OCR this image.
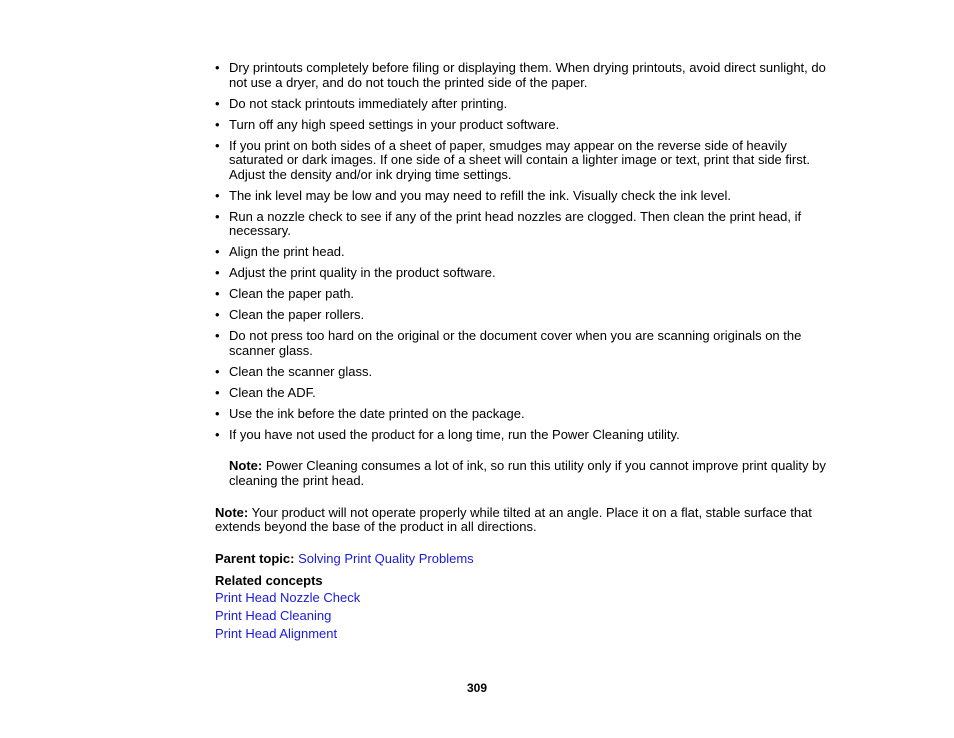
• Dry printouts completely before filing or displaying them. When drying printouts, avoid direct sunlight, do not use a dryer, and do not touch the printed side of the paper.
• Do not stack printouts immediately after printing.
• Turn off any high speed settings in your product software.
• If you print on both sides of a sheet of paper, smudges may appear on the reverse side of heavily saturated or dark images. If one side of a sheet will contain a lighter image or text, print that side first. Adjust the density and/or ink drying time settings.
• The ink level may be low and you may need to refill the ink. Visually check the ink level.
• Run a nozzle check to see if any of the print head nozzles are clogged. Then clean the print head, if necessary.
• Align the print head.
• Adjust the print quality in the product software.
• Clean the paper path.
• Clean the paper rollers.
• Do not press too hard on the original or the document cover when you are scanning originals on the scanner glass.
• Clean the scanner glass.
• Clean the ADF.
• Use the ink before the date printed on the package.
• If you have not used the product for a long time, run the Power Cleaning utility.
Note: Power Cleaning consumes a lot of ink, so run this utility only if you cannot improve print quality by cleaning the print head.
Note: Your product will not operate properly while tilted at an angle. Place it on a flat, stable surface that extends beyond the base of the product in all directions.
Parent topic: Solving Print Quality Problems
Related concepts
Print Head Nozzle Check
Print Head Cleaning
Print Head Alignment
309
